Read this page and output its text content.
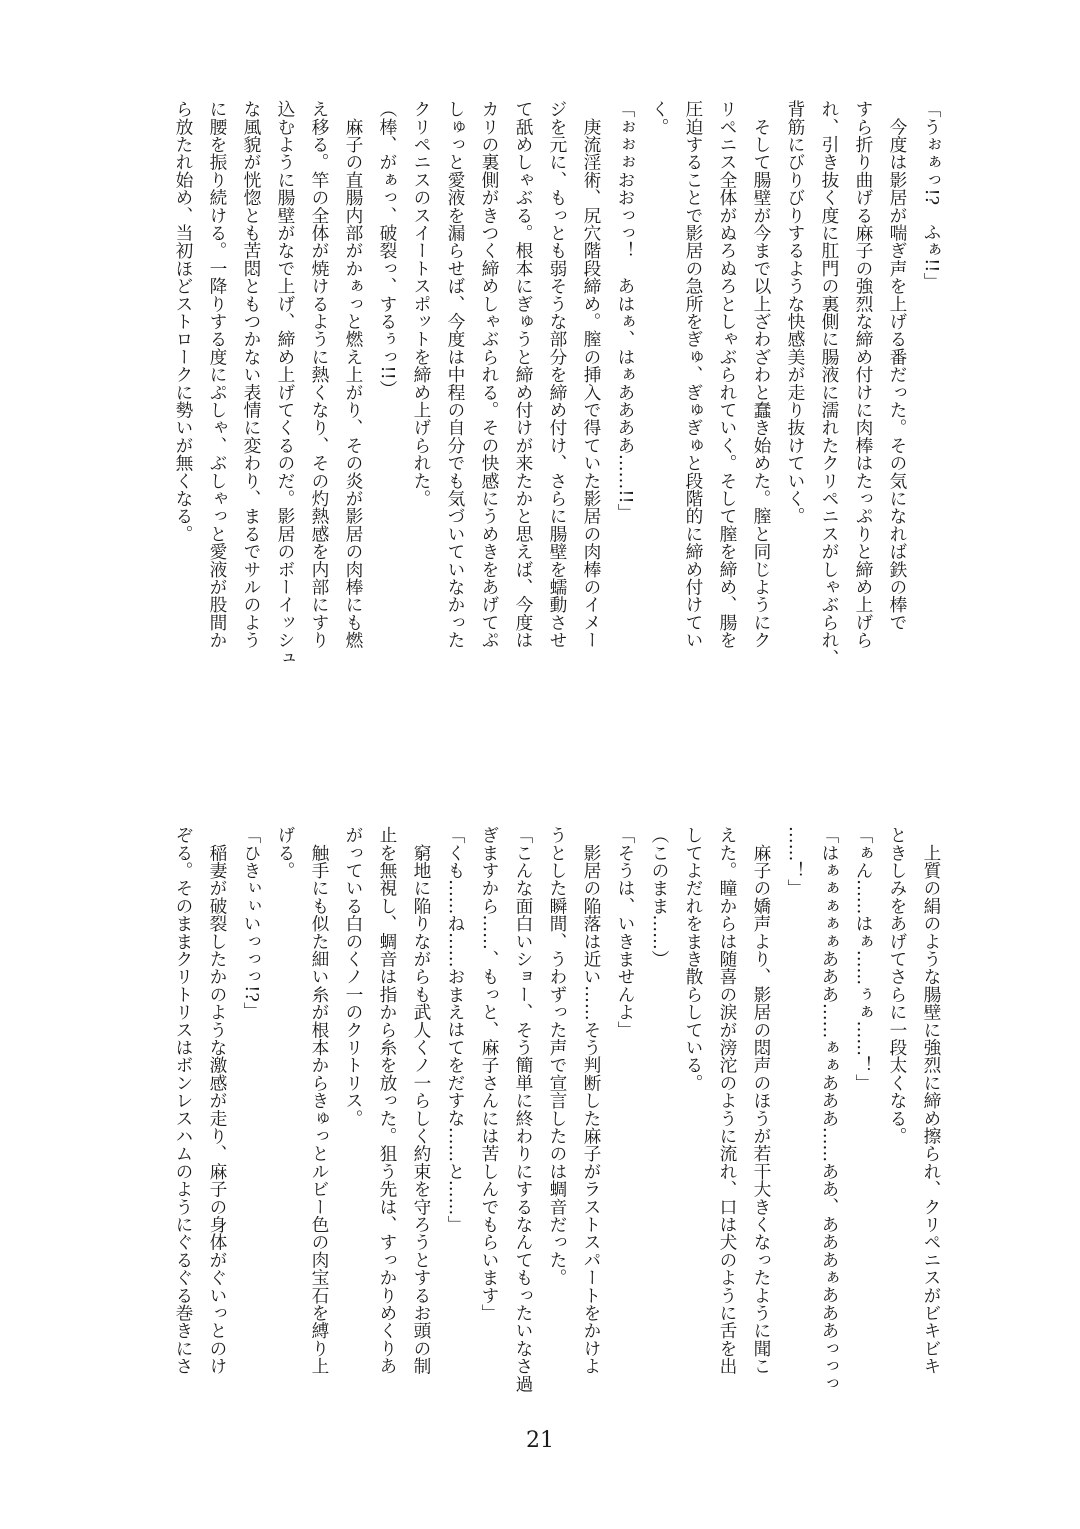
「うぉぁっ!?　ふぁ!!」
　今度は影居が喘ぎ声を上げる番だった。その気になれば鉄の棒で
すら折り曲げる麻子の強烈な締め付けに肉棒はたっぷりと締め上げら
れ、引き抜く度に肛門の裏側に腸液に濡れたクリペニスがしゃぶられ、
背筋にびりびりするような快感美が走り抜けていく。
　そして腸壁が今まで以上ざわざわと蠢き始めた。膣と同じようにク
リペニス全体がぬろぬろとしゃぶられていく。そして膣を締め、腸を
圧迫することで影居の急所をぎゅ、ぎゅぎゅと段階的に締め付けてい
く。
「ぉぉぉおおっっ！　あはぁ、はぁああああ……!!」
　庚流淫術、尻穴階段締め。膣の挿入で得ていた影居の肉棒のイメー
ジを元に、もっとも弱そうな部分を締め付け、さらに腸壁を蠕動させ
て舐めしゃぶる。根本にぎゅうと締め付けが来たかと思えば、今度は
カリの裏側がきつく締めしゃぶられる。その快感にうめきをあげてぷ
しゅっと愛液を漏らせば、今度は中程の自分でも気づいていなかった
クリペニスのスイートスポットを締め上げられた。
（棒、がぁっ、破裂っ、するぅっ!!）
　麻子の直腸内部がかぁっと燃え上がり、その炎が影居の肉棒にも燃
え移る。竿の全体が焼けるように熱くなり、その灼熱感を内部にすり
込むように腸壁がなで上げ、締め上げてくるのだ。影居のボーイッシュ
な風貌が恍惚とも苦悶ともつかない表情に変わり、まるでサルのよう
に腰を振り続ける。一降りする度にぷしゃ、ぶしゃっと愛液が股間か
ら放たれ始め、当初ほどストロークに勢いが無くなる。
　上質の絹のような腸壁に強烈に締め擦られ、クリペニスがビキビキ
ときしみをあげてさらに一段太くなる。
「ぁん……はぁ……ぅぁ……！」
「はぁぁぁぁぁあああ……ぁぁあああ……ああ、あああぁあああっっっ
……！」
　麻子の嬌声より、影居の悶声のほうが若干大きくなったように聞こ
えた。瞳からは随喜の涙が滂沱のように流れ、口は犬のように舌を出
してよだれをまき散らしている。
（このまま……）
「そうは、いきませんよ」
　影居の陥落は近い……そう判断した麻子がラストスパートをかけよ
うとした瞬間、うわずった声で宣言したのは蜩音だった。
「こんな面白いショー、そう簡単に終わりにするなんてもったいなさ過
ぎますから……、もっと、麻子さんには苦しんでもらいます」
「くも……ね……おまえはてをだすな……と……」
　窮地に陥りながらも武人くノ一らしく約束を守ろうとするお頭の制
止を無視し、蜩音は指から糸を放った。狙う先は、すっかりめくりあ
がっている白のくノ一のクリトリス。
　触手にも似た細い糸が根本からきゅっとルビー色の肉宝石を縛り上
げる。
「ひきぃぃいっっっ!?」
　稲妻が破裂したかのような激感が走り、麻子の身体がぐいっとのけ
ぞる。そのままクリトリスはボンレスハムのようにぐるぐる巻きにさ
21
